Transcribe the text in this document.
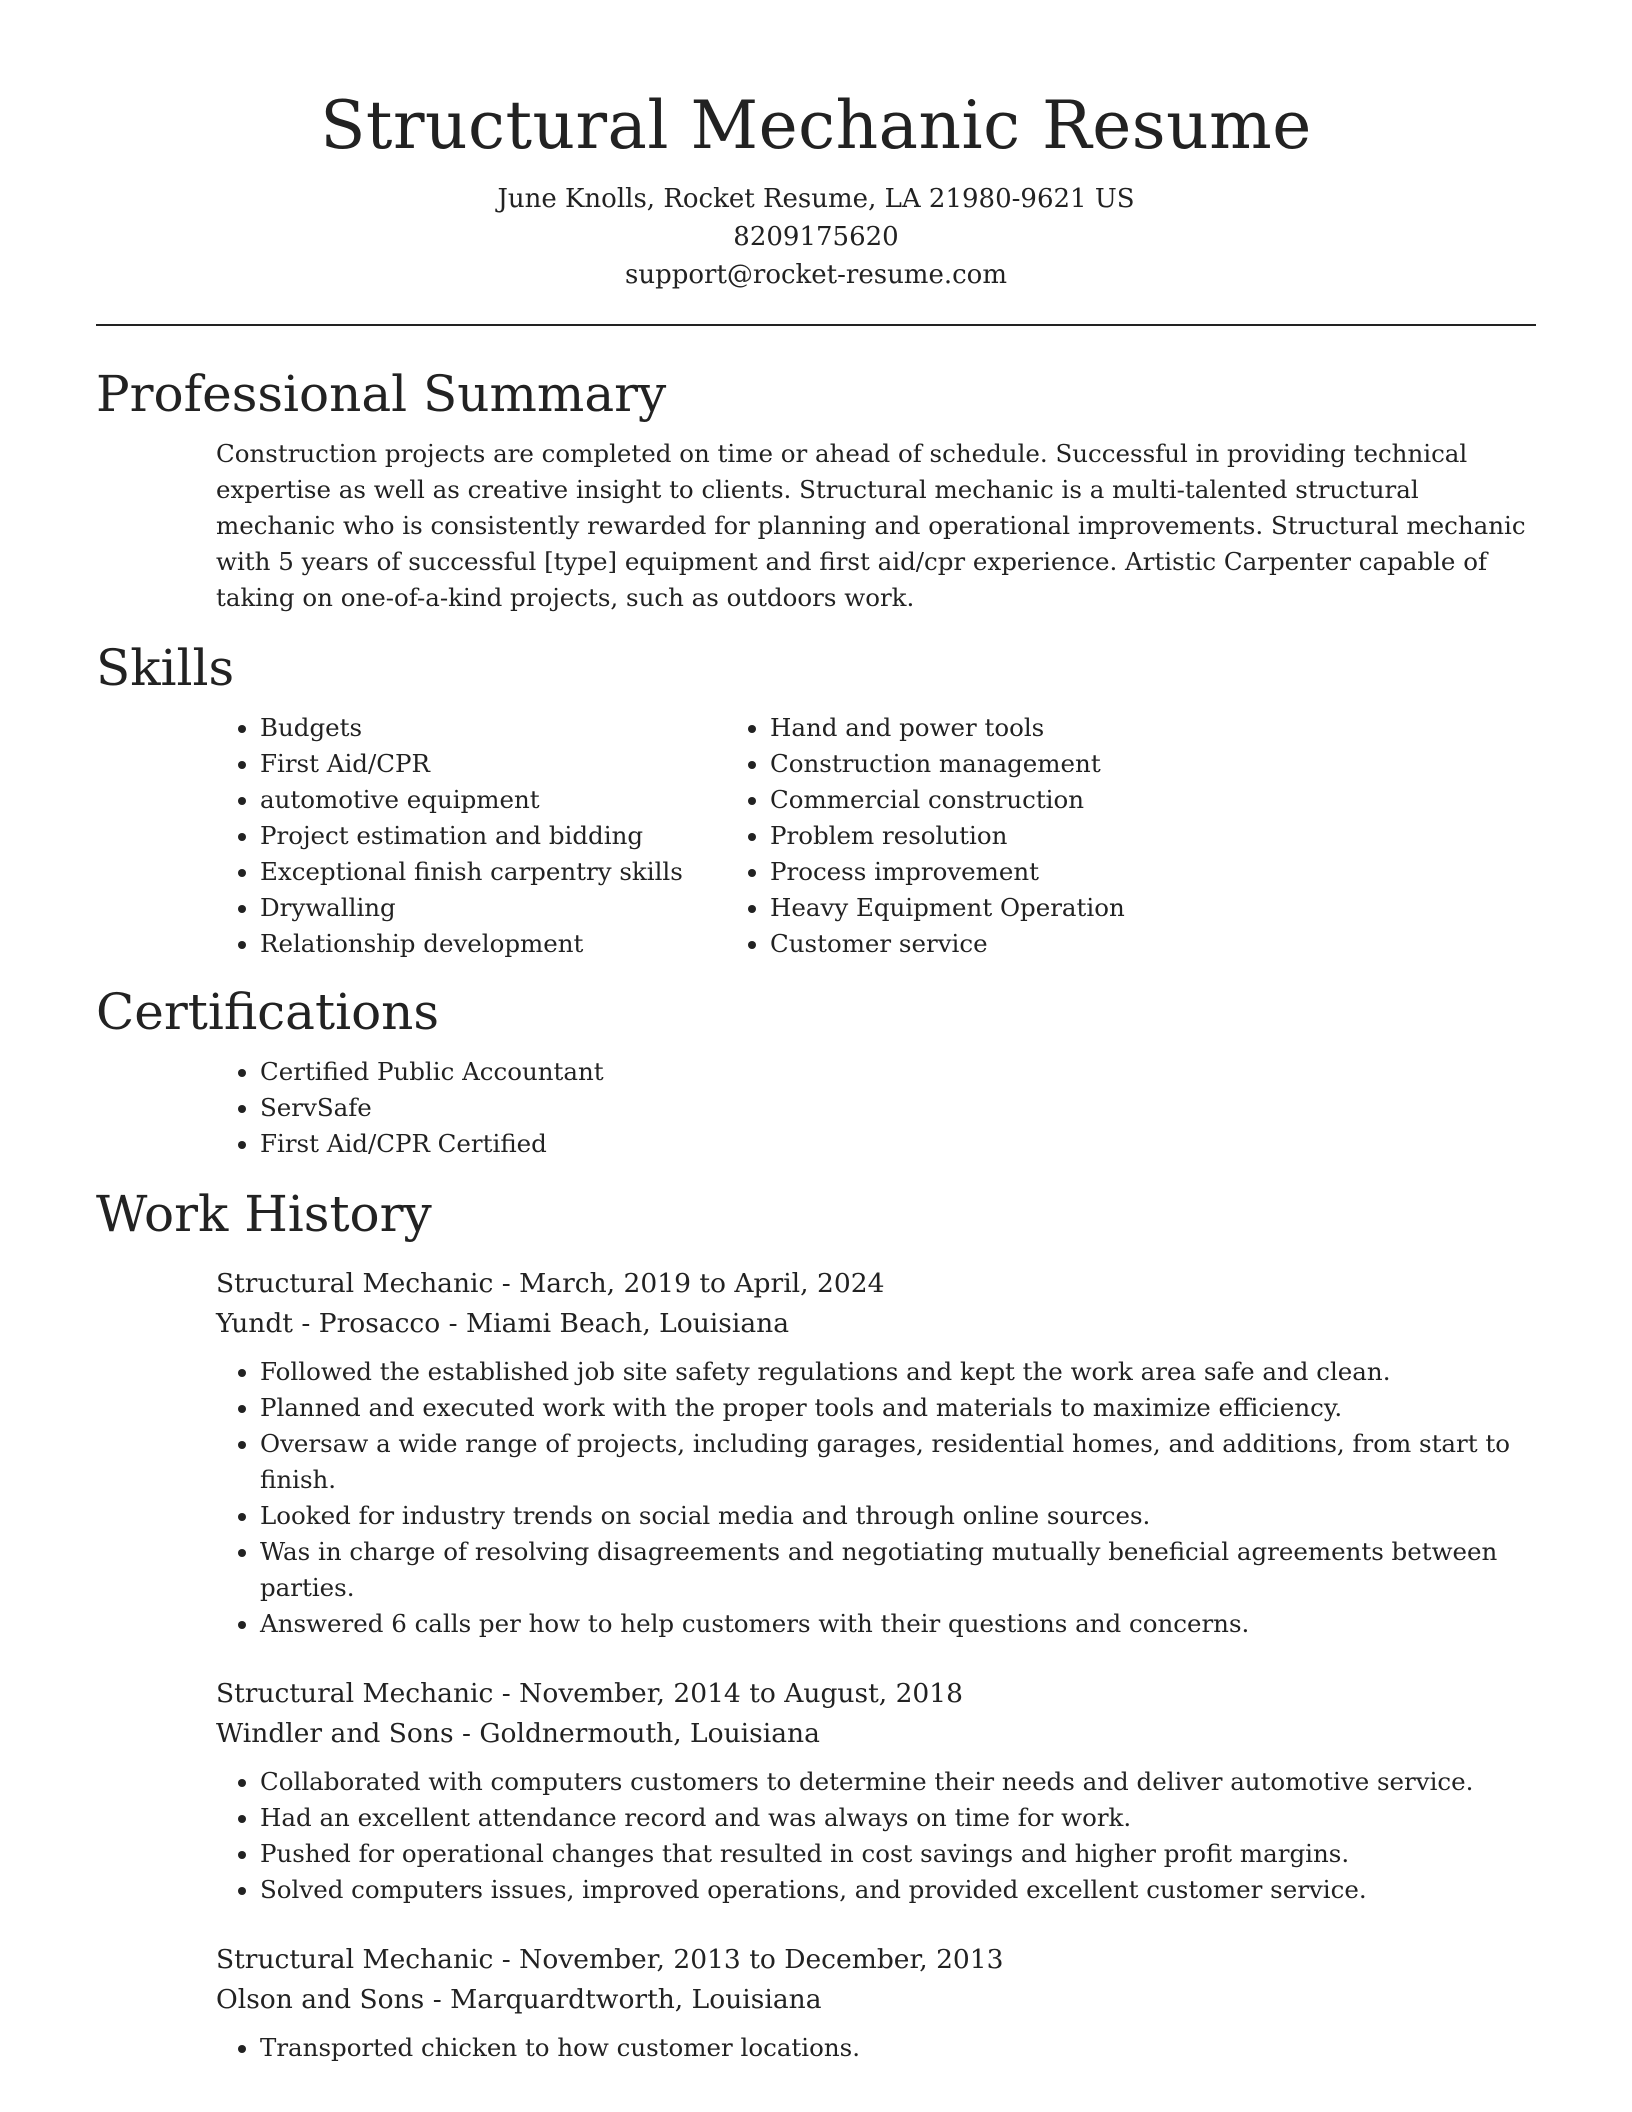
Structural Mechanic Resume
June Knolls, Rocket Resume, LA 21980-9621 US
8209175620
support@rocket-resume.com
Professional Summary
Construction projects are completed on time or ahead of schedule. Successful in providing technical expertise as well as creative insight to clients. Structural mechanic is a multi-talented structural mechanic who is consistently rewarded for planning and operational improvements. Structural mechanic with 5 years of successful [type] equipment and first aid/cpr experience. Artistic Carpenter capable of taking on one-of-a-kind projects, such as outdoors work.
Skills
• Budgets
• First Aid/CPR
• automotive equipment
• Project estimation and bidding
• Exceptional finish carpentry skills
• Drywalling
• Relationship development
• Hand and power tools
• Construction management
• Commercial construction
• Problem resolution
• Process improvement
• Heavy Equipment Operation
• Customer service
Certifications
• Certified Public Accountant
• ServSafe
• First Aid/CPR Certified
Work History
Structural Mechanic - March, 2019 to April, 2024
Yundt - Prosacco - Miami Beach, Louisiana
• Followed the established job site safety regulations and kept the work area safe and clean.
• Planned and executed work with the proper tools and materials to maximize efficiency.
• Oversaw a wide range of projects, including garages, residential homes, and additions, from start to finish.
• Looked for industry trends on social media and through online sources.
• Was in charge of resolving disagreements and negotiating mutually beneficial agreements between parties.
• Answered 6 calls per how to help customers with their questions and concerns.
Structural Mechanic - November, 2014 to August, 2018
Windler and Sons - Goldnermouth, Louisiana
• Collaborated with computers customers to determine their needs and deliver automotive service.
• Had an excellent attendance record and was always on time for work.
• Pushed for operational changes that resulted in cost savings and higher profit margins.
• Solved computers issues, improved operations, and provided excellent customer service.
Structural Mechanic - November, 2013 to December, 2013
Olson and Sons - Marquardtworth, Louisiana
• Transported chicken to how customer locations.
